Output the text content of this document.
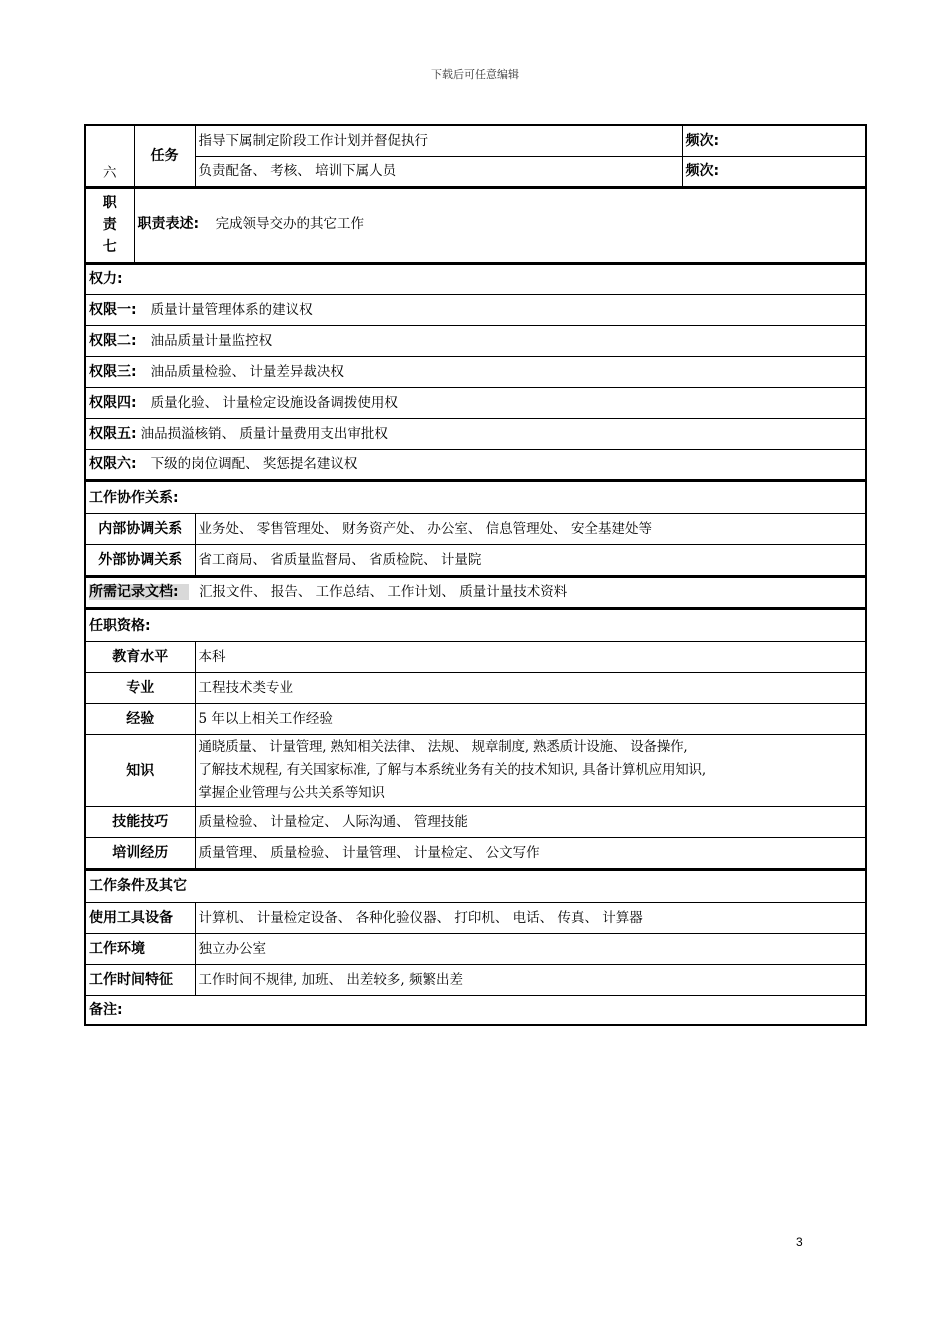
下载后可任意编辑
六	任务	指导下属制定阶段工作计划并督促执行	频次:
		负责配备、 考核、 培训下属人员	频次:
职
责
七
	职责表述: 完成领导交办的其它工作
权力:
权限一: 质量计量管理体系的建议权
权限二: 油品质量计量监控权
权限三: 油品质量检验、 计量差异裁决权
权限四: 质量化验、 计量检定设施设备调拨使用权
权限五: 油品损溢核销、 质量计量费用支出审批权
权限六: 下级的岗位调配、 奖惩提名建议权
工作协作关系:	
内部协调关系	业务处、 零售管理处、 财务资产处、 办公室、 信息管理处、 安全基建处等
外部协调关系	省工商局、 省质量监督局、 省质检院、 计量院
所需记录文档: 汇报文件、 报告、 工作总结、 工作计划、 质量计量技术资料
任职资格:	
教育水平	本科
专业	工程技术类专业
经验	5 年以上相关工作经验
知识	通晓质量、 计量管理, 熟知相关法律、 法规、 规章制度, 熟悉质计设施、 设备操作,
了解技术规程, 有关国家标准, 了解与本系统业务有关的技术知识, 具备计算机应用知识,
掌握企业管理与公共关系等知识

技能技巧	质量检验、 计量检定、 人际沟通、 管理技能
培训经历	质量管理、 质量检验、 计量管理、 计量检定、 公文写作
工作条件及其它	
使用工具设备	计算机、 计量检定设备、 各种化验仪器、 打印机、 电话、 传真、 计算器
工作环境	独立办公室
工作时间特征	工作时间不规律, 加班、 出差较多, 频繁出差
备注:	
3
